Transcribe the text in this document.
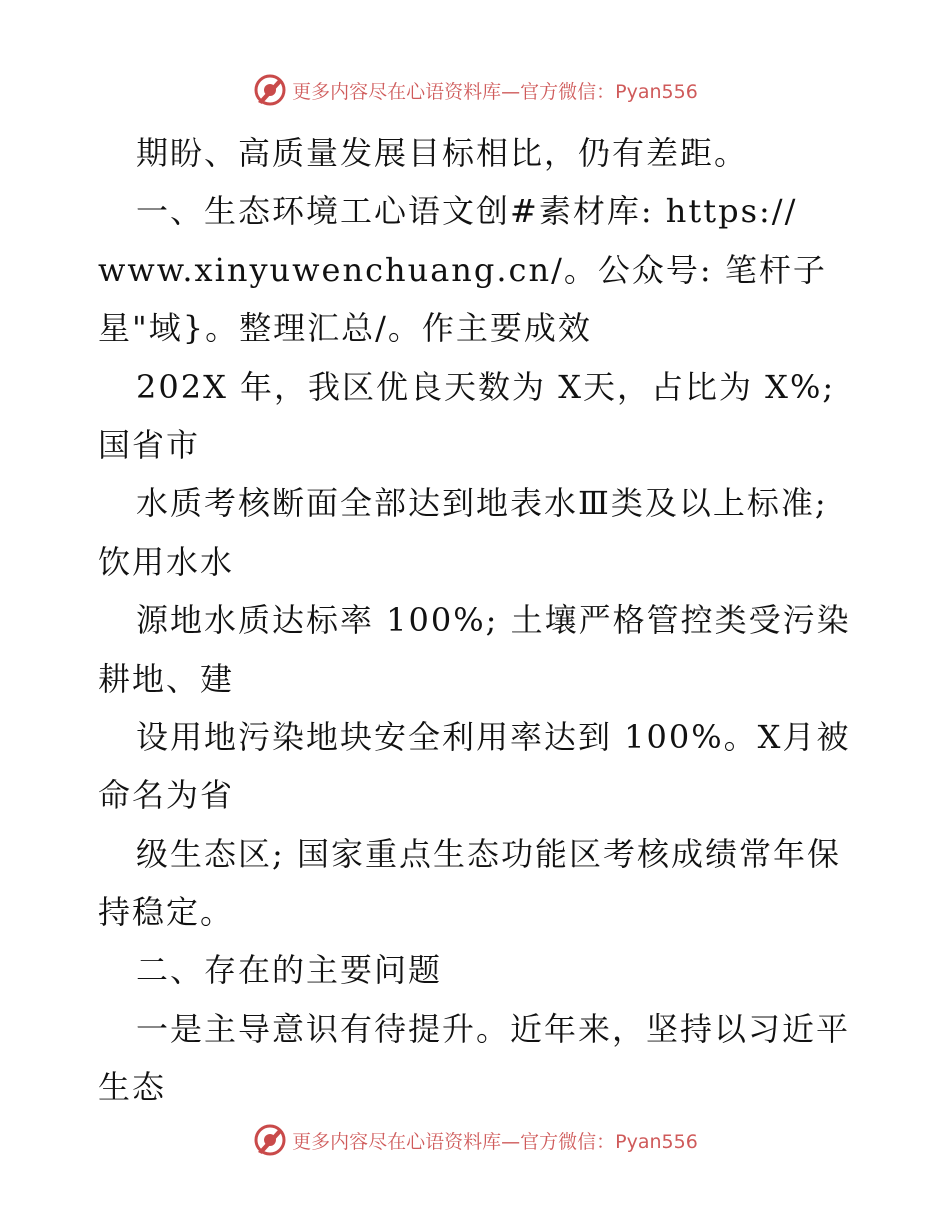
更多内容尽在心语资料库—官方微信：Pyan556
期盼、高质量发展目标相比，仍有差距。
一、生态环境工心语文创#素材库: https://
www.xinyuwenchuang.cn/。公众号: 笔杆子
星"域}。整理汇总/。作主要成效
202X 年，我区优良天数为 X天，占比为 X%;
国省市
水质考核断面全部达到地表水Ⅲ类及以上标准;
饮用水水
源地水质达标率 100%; 土壤严格管控类受污染
耕地、建
设用地污染地块安全利用率达到 100%。X月被
命名为省
级生态区; 国家重点生态功能区考核成绩常年保
持稳定。
二、存在的主要问题
一是主导意识有待提升。近年来，坚持以习近平
生态
更多内容尽在心语资料库—官方微信：Pyan556
